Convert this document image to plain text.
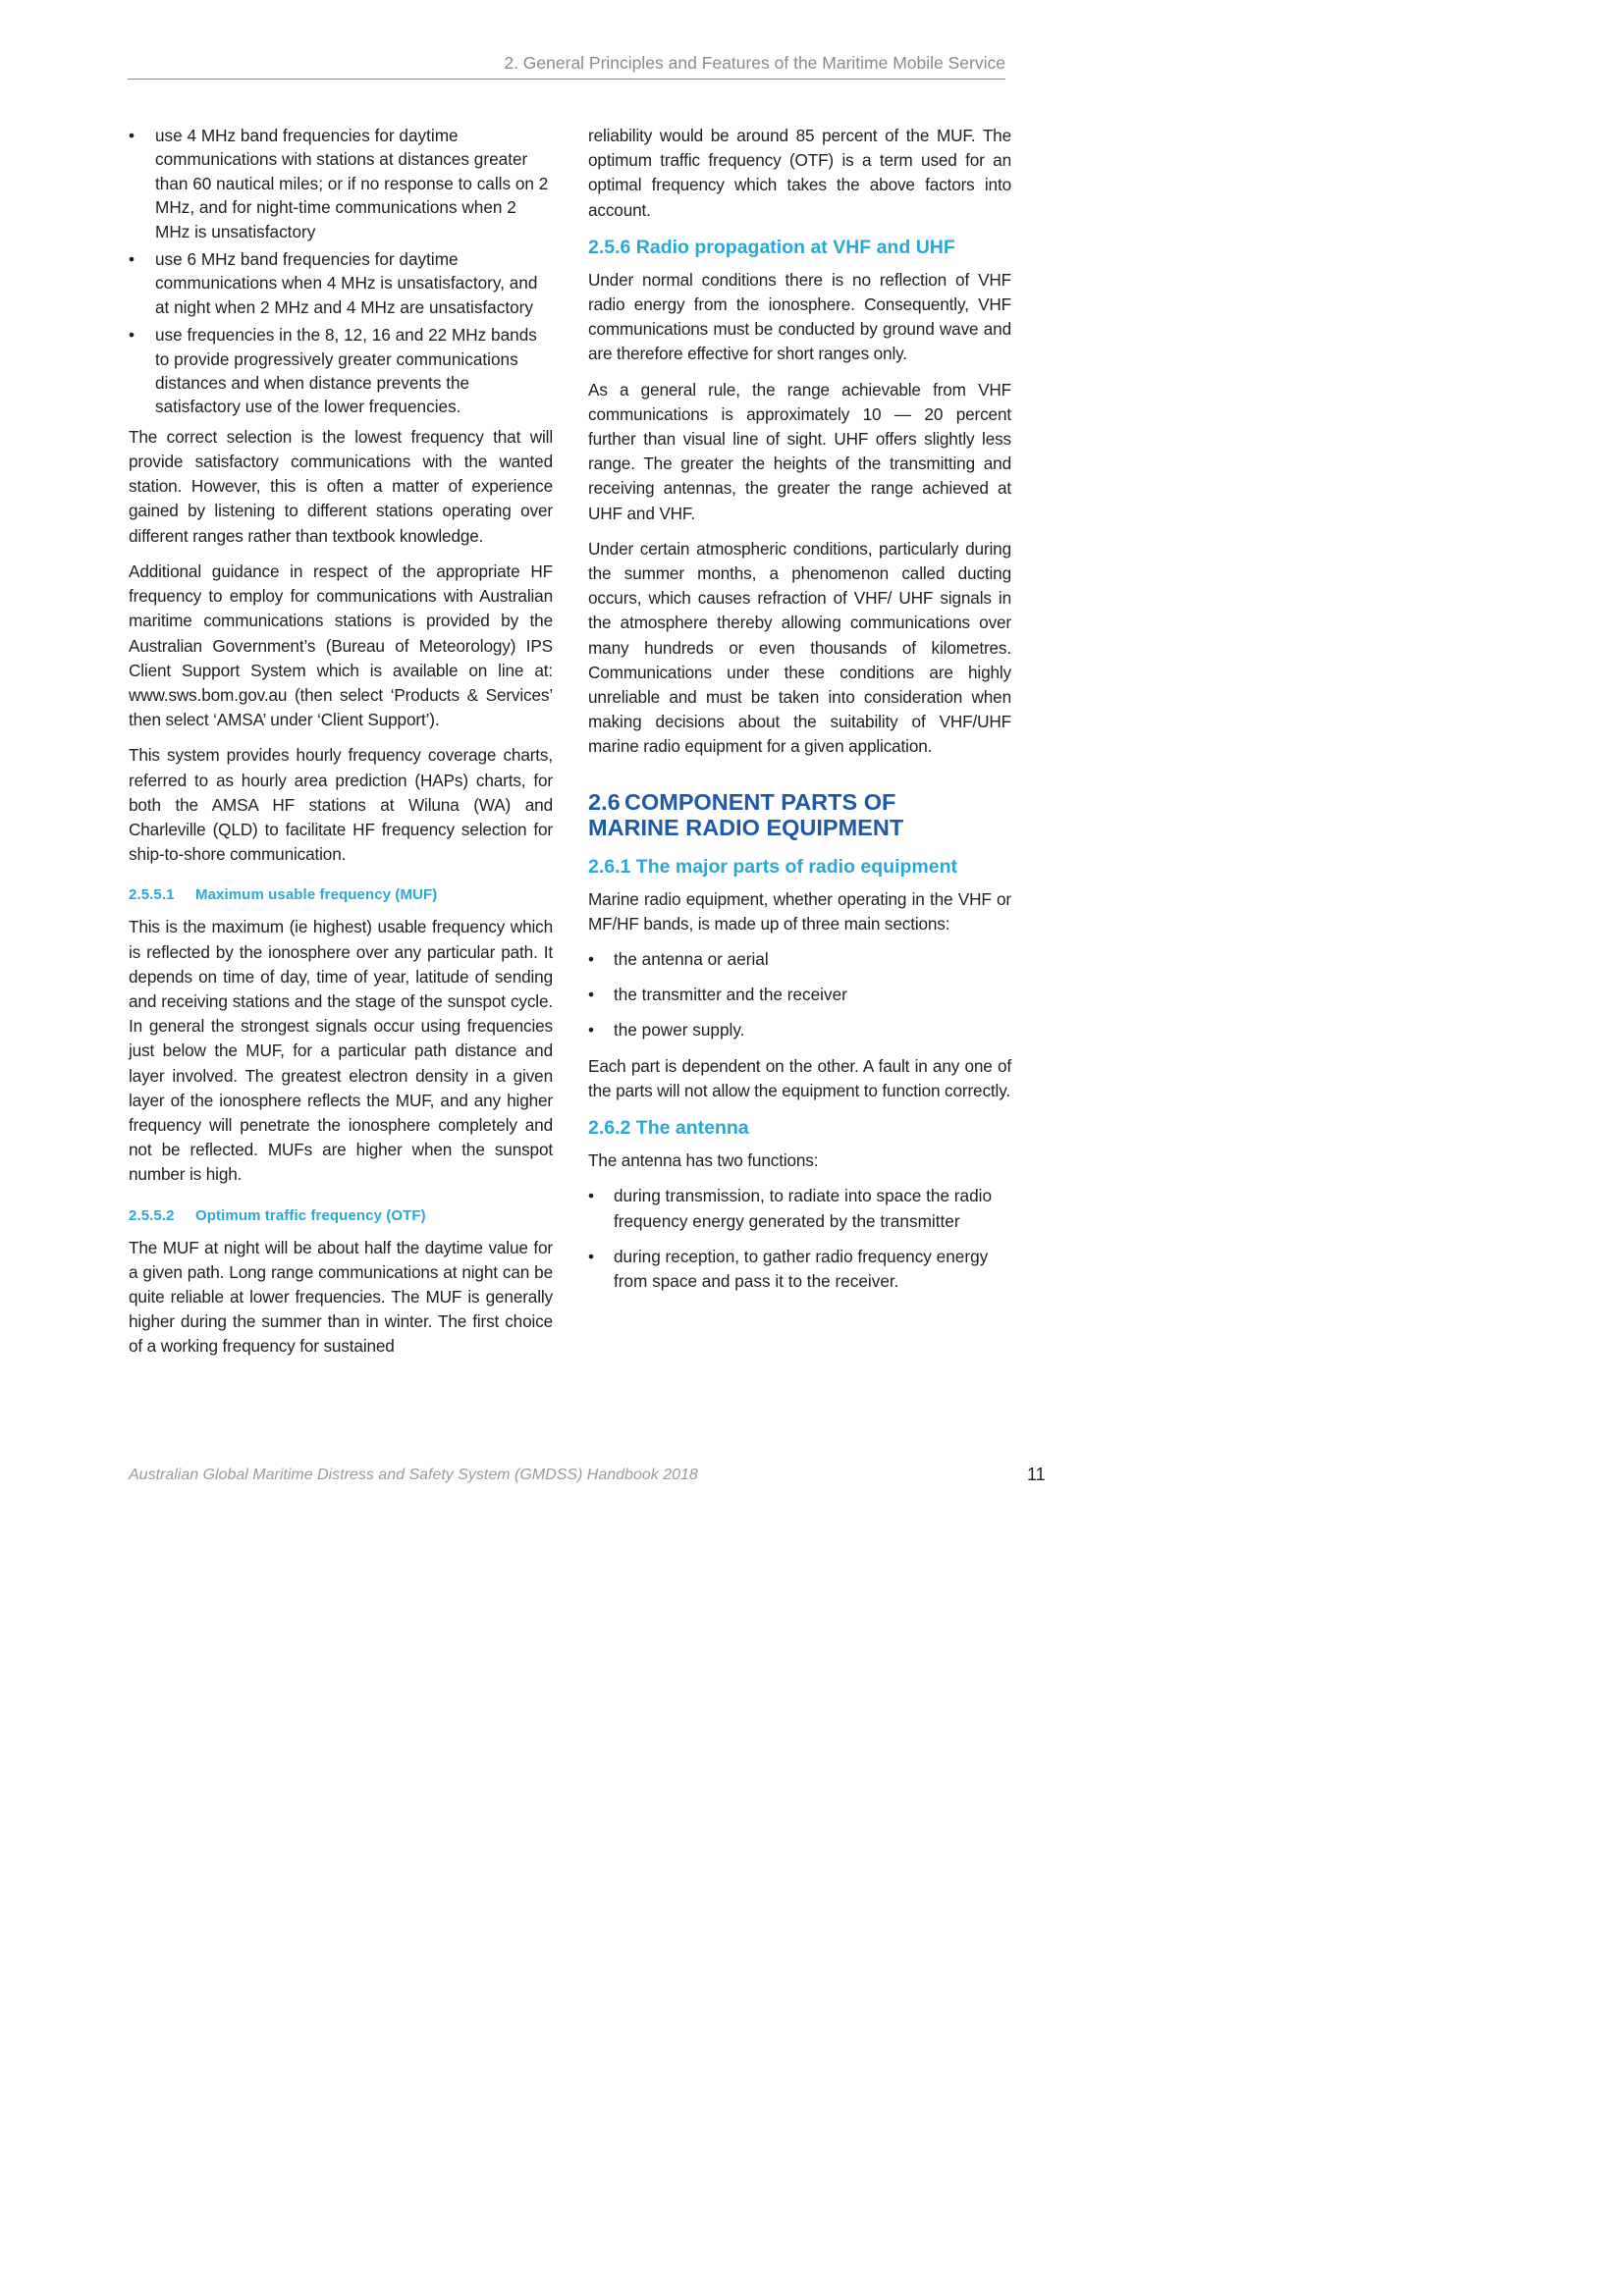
2. General Principles and Features of the Maritime Mobile Service
• use 4 MHz band frequencies for daytime communications with stations at distances greater than 60 nautical miles; or if no response to calls on 2 MHz, and for night-time communications when 2 MHz is unsatisfactory
• use 6 MHz band frequencies for daytime communications when 4 MHz is unsatisfactory, and at night when 2 MHz and 4 MHz are unsatisfactory
• use frequencies in the 8, 12, 16 and 22 MHz bands to provide progressively greater communications distances and when distance prevents the satisfactory use of the lower frequencies.

The correct selection is the lowest frequency that will provide satisfactory communications with the wanted station. However, this is often a matter of experience gained by listening to different stations operating over different ranges rather than textbook knowledge.

Additional guidance in respect of the appropriate HF frequency to employ for communications with Australian maritime communications stations is provided by the Australian Government’s (Bureau of Meteorology) IPS Client Support System which is available on line at: www.sws.bom.gov.au (then select ‘Products & Services’ then select ‘AMSA’ under ‘Client Support’).

This system provides hourly frequency coverage charts, referred to as hourly area prediction (HAPs) charts, for both the AMSA HF stations at Wiluna (WA) and Charleville (QLD) to facilitate HF frequency selection for ship-to-shore communication.

2.5.5.1 Maximum usable frequency (MUF)

This is the maximum (ie highest) usable frequency which is reflected by the ionosphere over any particular path. It depends on time of day, time of year, latitude of sending and receiving stations and the stage of the sunspot cycle. In general the strongest signals occur using frequencies just below the MUF, for a particular path distance and layer involved. The greatest electron density in a given layer of the ionosphere reflects the MUF, and any higher frequency will penetrate the ionosphere completely and not be reflected. MUFs are higher when the sunspot number is high.

2.5.5.2 Optimum traffic frequency (OTF)

The MUF at night will be about half the daytime value for a given path. Long range communications at night can be quite reliable at lower frequencies. The MUF is generally higher during the summer than in winter. The first choice of a working frequency for sustained

reliability would be around 85 percent of the MUF. The optimum traffic frequency (OTF) is a term used for an optimal frequency which takes the above factors into account.

2.5.6 Radio propagation at VHF and UHF

Under normal conditions there is no reflection of VHF radio energy from the ionosphere. Consequently, VHF communications must be conducted by ground wave and are therefore effective for short ranges only.

As a general rule, the range achievable from VHF communications is approximately 10 — 20 percent further than visual line of sight. UHF offers slightly less range. The greater the heights of the transmitting and receiving antennas, the greater the range achieved at UHF and VHF.

Under certain atmospheric conditions, particularly during the summer months, a phenomenon called ducting occurs, which causes refraction of VHF/ UHF signals in the atmosphere thereby allowing communications over many hundreds or even thousands of kilometres. Communications under these conditions are highly unreliable and must be taken into consideration when making decisions about the suitability of VHF/UHF marine radio equipment for a given application.

2.6 COMPONENT PARTS OF
MARINE RADIO EQUIPMENT
2.6.1 The major parts of radio equipment

Marine radio equipment, whether operating in the VHF or MF/HF bands, is made up of three main sections:

• the antenna or aerial
• the transmitter and the receiver
• the power supply.

Each part is dependent on the other. A fault in any one of the parts will not allow the equipment to function correctly.

2.6.2 The antenna

The antenna has two functions:

• during transmission, to radiate into space the radio frequency energy generated by the transmitter
• during reception, to gather radio frequency energy from space and pass it to the receiver.
Australian Global Maritime Distress and Safety System (GMDSS) Handbook 2018	11
